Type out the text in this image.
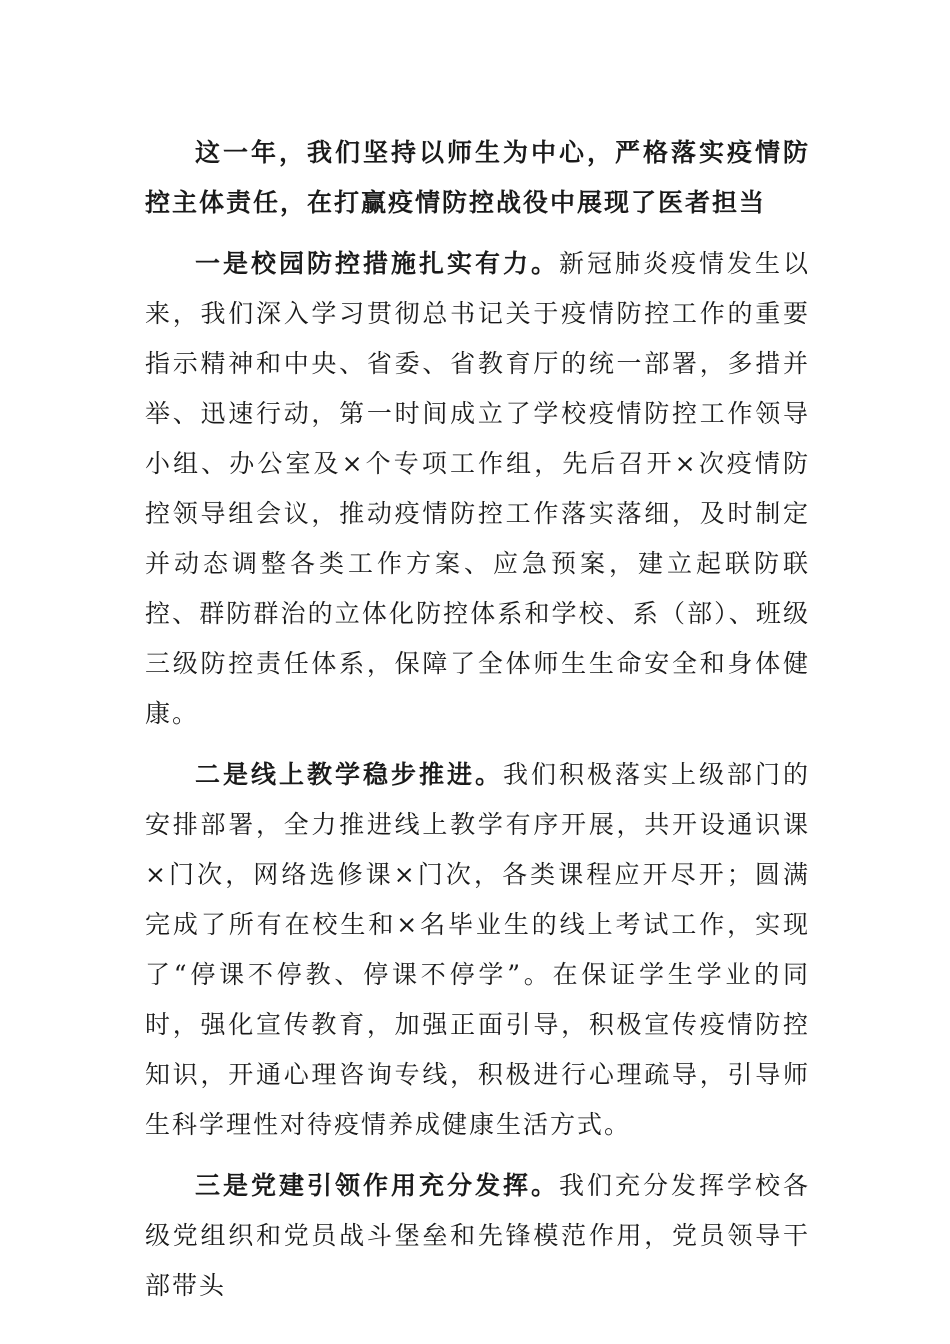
这一年，我们坚持以师生为中心，严格落实疫情防控主体责任，在打赢疫情防控战役中展现了医者担当

一是校园防控措施扎实有力。新冠肺炎疫情发生以来，我们深入学习贯彻总书记关于疫情防控工作的重要指示精神和中央、省委、省教育厅的统一部署，多措并举、迅速行动，第一时间成立了学校疫情防控工作领导小组、办公室及×个专项工作组，先后召开×次疫情防控领导组会议，推动疫情防控工作落实落细，及时制定并动态调整各类工作方案、应急预案，建立起联防联控、群防群治的立体化防控体系和学校、系（部）、班级三级防控责任体系，保障了全体师生生命安全和身体健康。

二是线上教学稳步推进。我们积极落实上级部门的安排部署，全力推进线上教学有序开展，共开设通识课×门次，网络选修课×门次，各类课程应开尽开；圆满完成了所有在校生和×名毕业生的线上考试工作，实现了“停课不停教、停课不停学”。在保证学生学业的同时，强化宣传教育，加强正面引导，积极宣传疫情防控知识，开通心理咨询专线，积极进行心理疏导，引导师生科学理性对待疫情养成健康生活方式。

三是党建引领作用充分发挥。我们充分发挥学校各级党组织和党员战斗堡垒和先锋模范作用，党员领导干部带头
